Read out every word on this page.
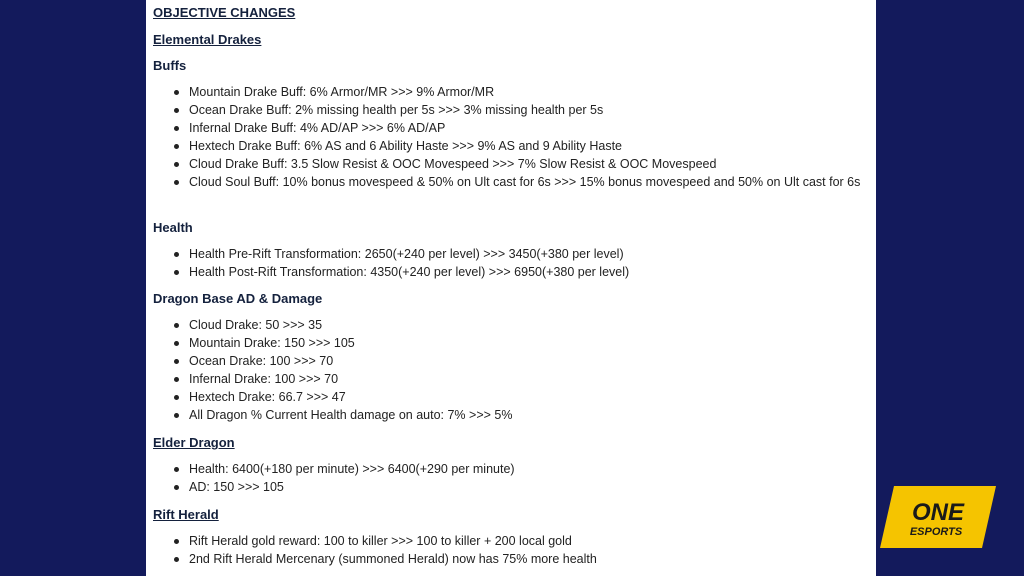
OBJECTIVE CHANGES
Elemental Drakes
Buffs
Mountain Drake Buff: 6% Armor/MR >>> 9% Armor/MR
Ocean Drake Buff: 2% missing health per 5s >>> 3% missing health per 5s
Infernal Drake Buff: 4% AD/AP >>> 6% AD/AP
Hextech Drake Buff: 6% AS and 6 Ability Haste >>> 9% AS and 9 Ability Haste
Cloud Drake Buff: 3.5 Slow Resist & OOC Movespeed >>> 7% Slow Resist & OOC Movespeed
Cloud Soul Buff: 10% bonus movespeed & 50% on Ult cast for 6s >>> 15% bonus movespeed and 50% on Ult cast for 6s
Health
Health Pre-Rift Transformation: 2650(+240 per level) >>> 3450(+380 per level)
Health Post-Rift Transformation: 4350(+240 per level) >>> 6950(+380 per level)
Dragon Base AD & Damage
Cloud Drake: 50 >>> 35
Mountain Drake: 150 >>> 105
Ocean Drake: 100 >>> 70
Infernal Drake: 100 >>> 70
Hextech Drake: 66.7 >>> 47
All Dragon % Current Health damage on auto: 7% >>> 5%
Elder Dragon
Health: 6400(+180 per minute) >>> 6400(+290 per minute)
AD: 150 >>> 105
Rift Herald
Rift Herald gold reward: 100 to killer >>> 100 to killer + 200 local gold
2nd Rift Herald Mercenary (summoned Herald) now has 75% more health
ONE
ESPORTS
